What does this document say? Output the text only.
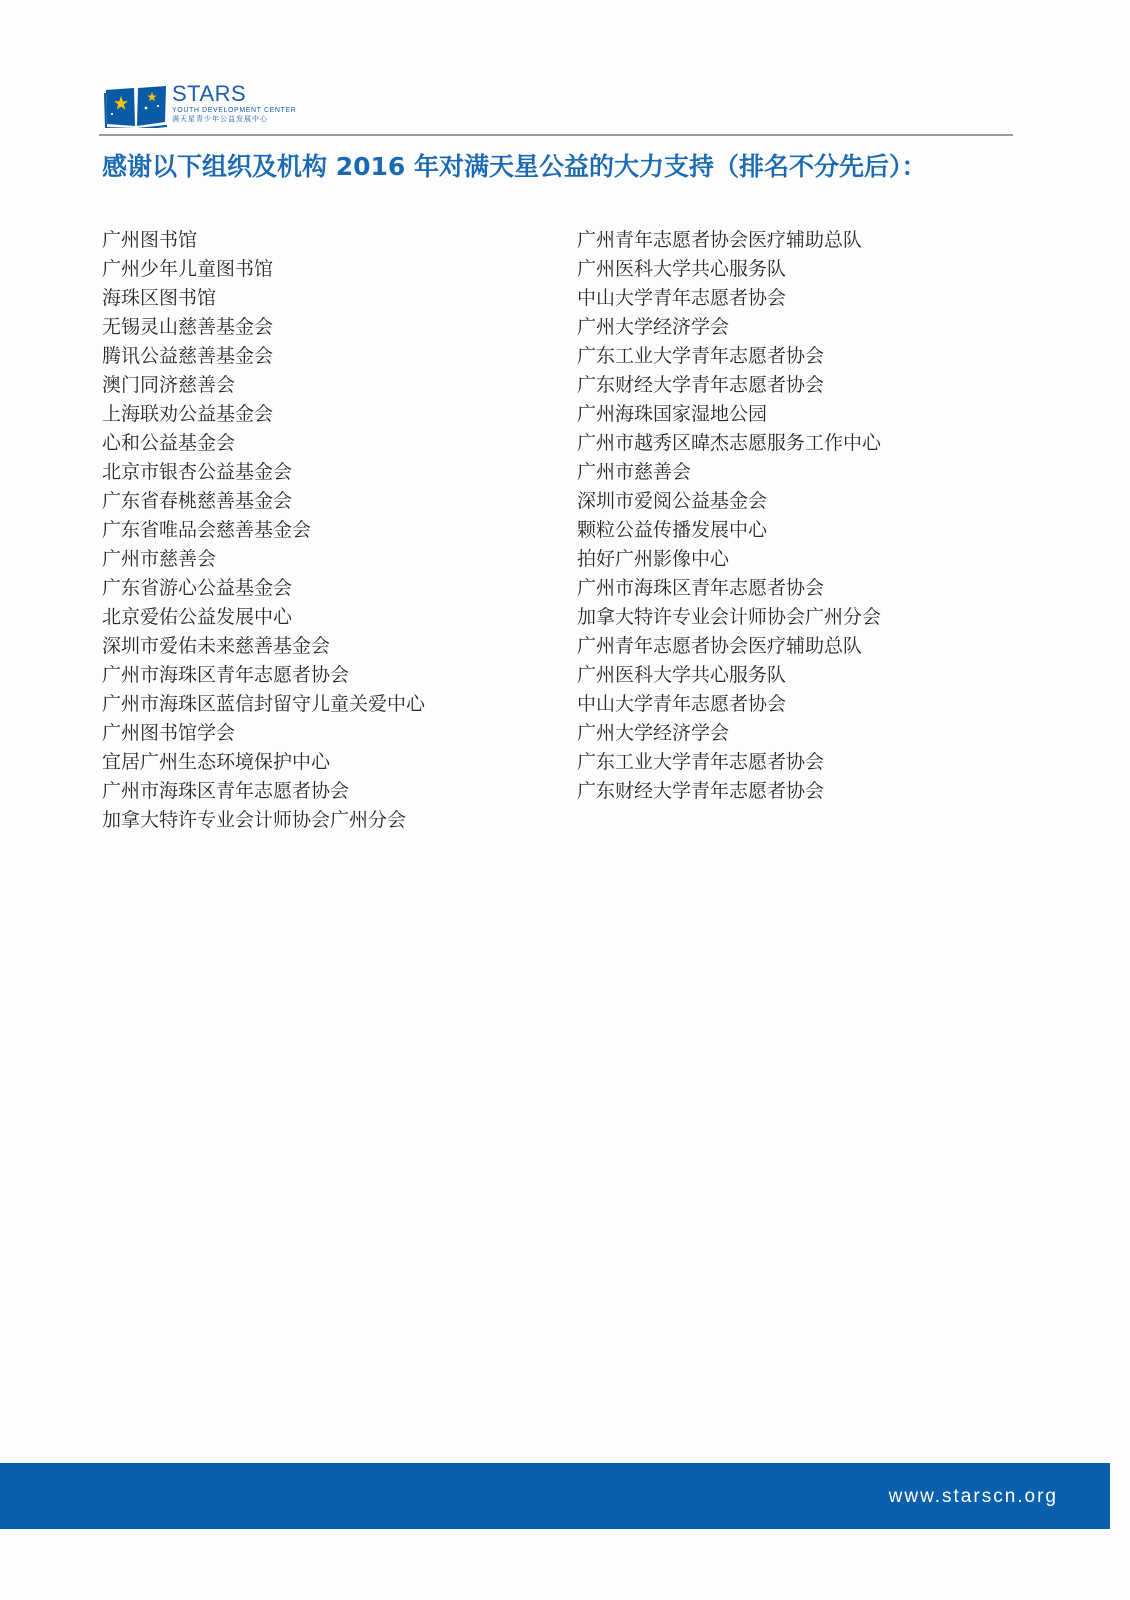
STARS
YOUTH DEVELOPMENT CENTER
满天星青少年公益发展中心
感谢以下组织及机构 2016 年对满天星公益的大力支持（排名不分先后）：
广州图书馆
广州少年儿童图书馆
海珠区图书馆
无锡灵山慈善基金会
腾讯公益慈善基金会
澳门同济慈善会
上海联劝公益基金会
心和公益基金会
北京市银杏公益基金会
广东省春桃慈善基金会
广东省唯品会慈善基金会
广州市慈善会
广东省游心公益基金会
北京爱佑公益发展中心
深圳市爱佑未来慈善基金会
广州市海珠区青年志愿者协会
广州市海珠区蓝信封留守儿童关爱中心
广州图书馆学会
宜居广州生态环境保护中心
广州市海珠区青年志愿者协会
加拿大特许专业会计师协会广州分会
广州青年志愿者协会医疗辅助总队
广州医科大学共心服务队
中山大学青年志愿者协会
广州大学经济学会
广东工业大学青年志愿者协会
广东财经大学青年志愿者协会
广州海珠国家湿地公园
广州市越秀区暐杰志愿服务工作中心
广州市慈善会
深圳市爱阅公益基金会
颗粒公益传播发展中心
拍好广州影像中心
广州市海珠区青年志愿者协会
加拿大特许专业会计师协会广州分会
广州青年志愿者协会医疗辅助总队
广州医科大学共心服务队
中山大学青年志愿者协会
广州大学经济学会
广东工业大学青年志愿者协会
广东财经大学青年志愿者协会
www.starscn.org
